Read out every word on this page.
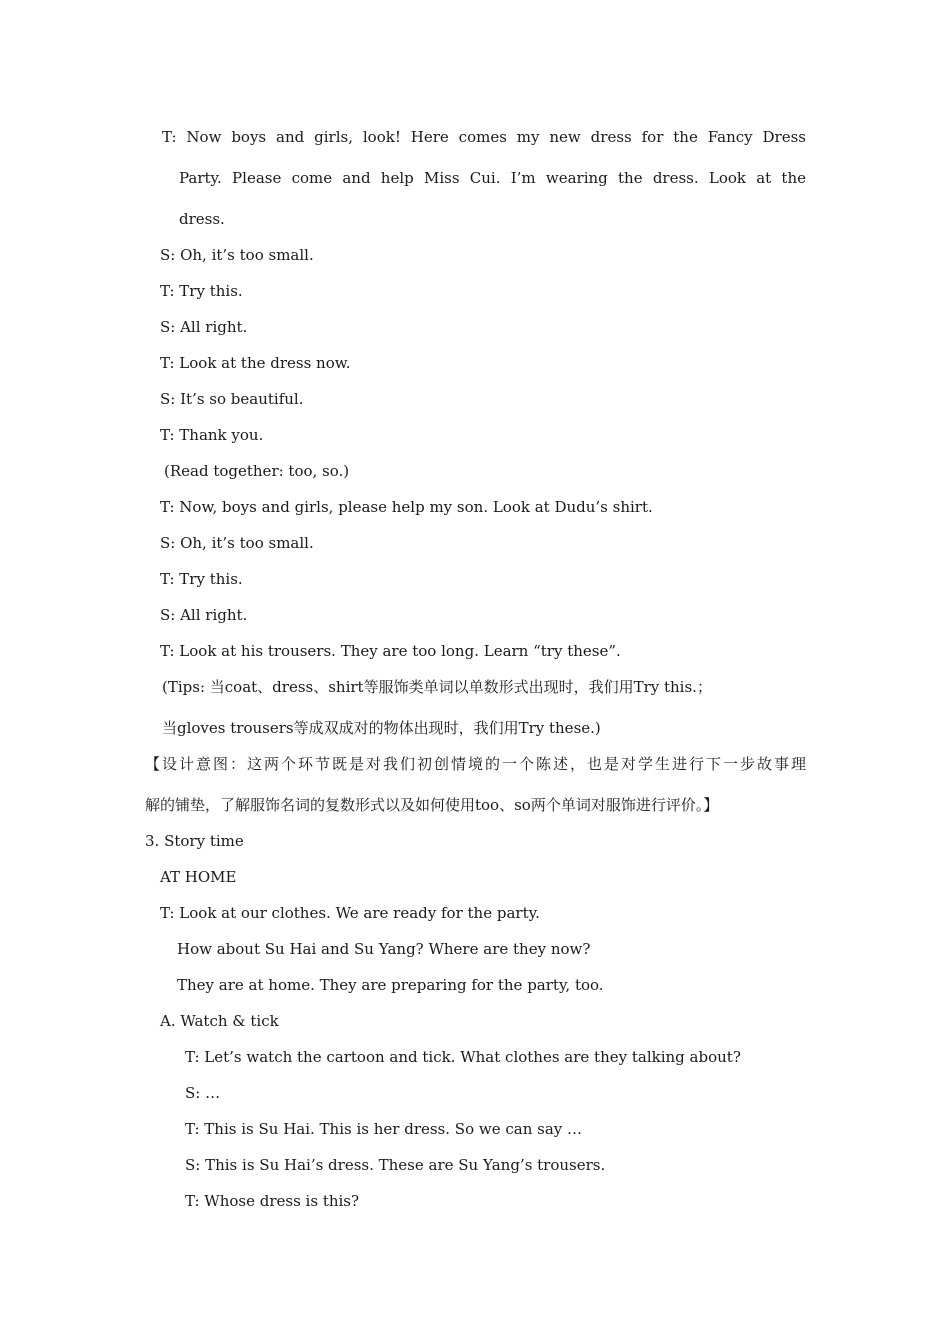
T: Now boys and girls, look! Here comes my new dress for the Fancy Dress

Party. Please come and help Miss Cui. I’m wearing the dress. Look at the

dress.

S: Oh, it’s too small.

T: Try this.

S: All right.

T: Look at the dress now.

S: It’s so beautiful.

T: Thank you.

(Read together: too, so.)

T: Now, boys and girls, please help my son. Look at Dudu’s shirt.

S: Oh, it’s too small.

T: Try this.

S: All right.

T: Look at his trousers. They are too long. Learn “try these”.

(Tips: 当coat、dress、shirt等服饰类单词以单数形式出现时，我们用Try this.；

当gloves trousers等成双成对的物体出现时，我们用Try these.)

【设计意图：这两个环节既是对我们初创情境的一个陈述，也是对学生进行下一步故事理

解的铺垫，了解服饰名词的复数形式以及如何使用too、so两个单词对服饰进行评价。】

3. Story time

AT HOME

T: Look at our clothes. We are ready for the party.

How about Su Hai and Su Yang? Where are they now?

They are at home. They are preparing for the party, too.

A. Watch & tick

T: Let’s watch the cartoon and tick. What clothes are they talking about?

S: …

T: This is Su Hai. This is her dress. So we can say …

S: This is Su Hai’s dress. These are Su Yang’s trousers.

T: Whose dress is this?
